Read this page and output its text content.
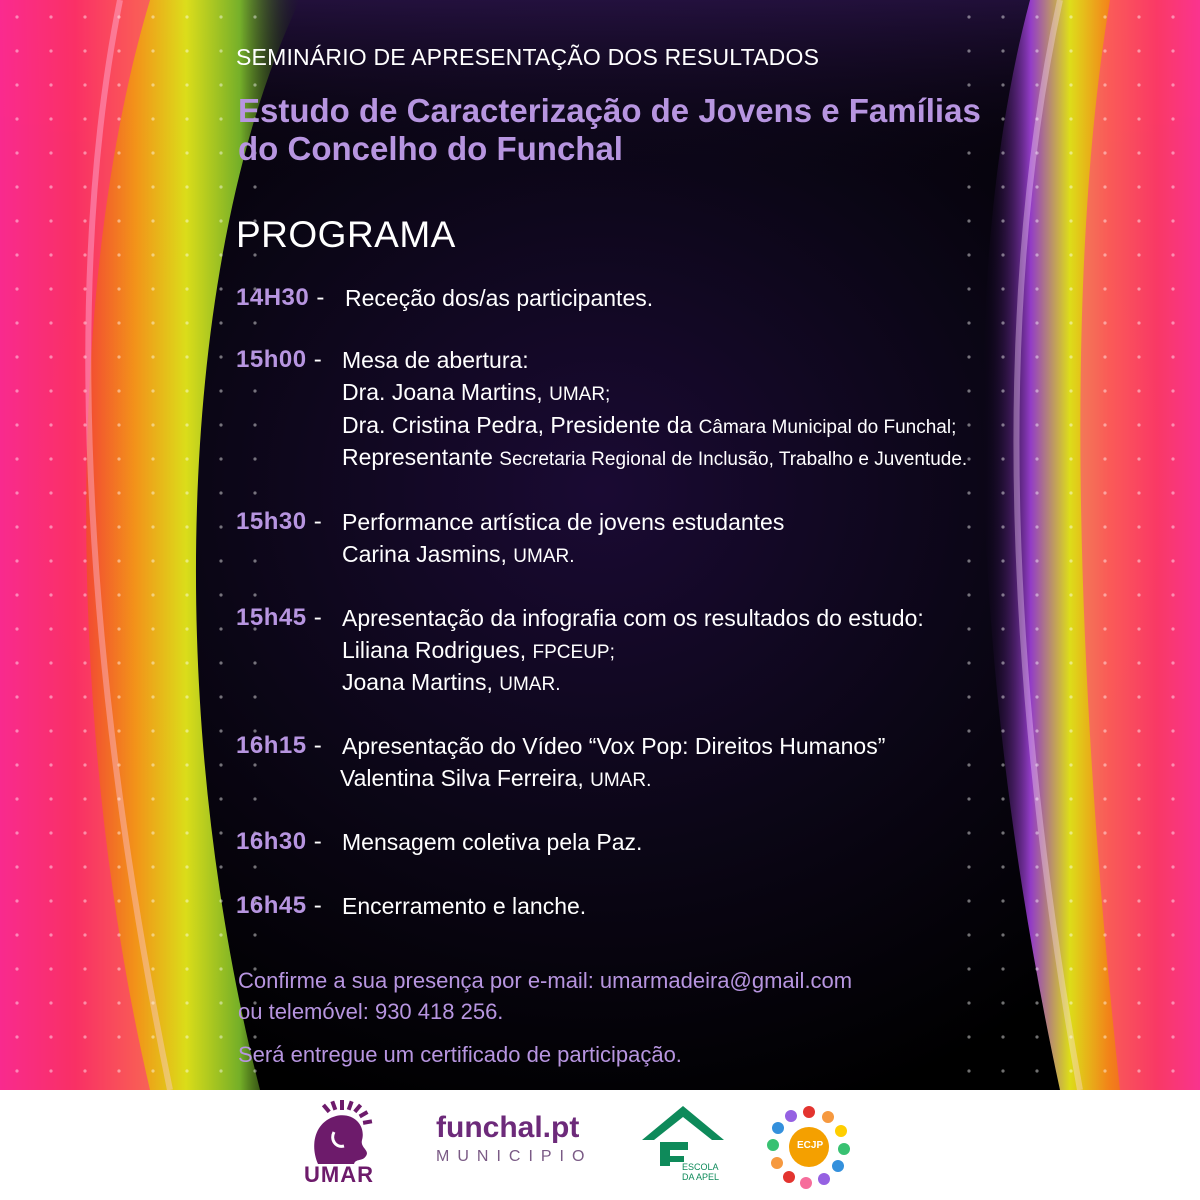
SEMINÁRIO DE APRESENTAÇÃO DOS RESULTADOS
Estudo de Caracterização de Jovens e Famílias
do Concelho do Funchal
PROGRAMA
14H30 - Receção dos/as participantes.
15h00 - Mesa de abertura:
Dra. Joana Martins, UMAR;
Dra. Cristina Pedra, Presidente da Câmara Municipal do Funchal;
Representante Secretaria Regional de Inclusão, Trabalho e Juventude.
15h30 - Performance artística de jovens estudantes
Carina Jasmins, UMAR.
15h45 - Apresentação da infografia com os resultados do estudo:
Liliana Rodrigues, FPCEUP;
Joana Martins, UMAR.
16h15 - Apresentação do Vídeo “Vox Pop: Direitos Humanos”
Valentina Silva Ferreira, UMAR.
16h30 - Mensagem coletiva pela Paz.
16h45 - Encerramento e lanche.
Confirme a sua presença por e-mail: umarmadeira@gmail.com
ou telemóvel: 930 418 256.
Será entregue um certificado de participação.
UMAR
funchal.pt
MUNICIPIO
ESCOLA
DA APEL
ECJP
